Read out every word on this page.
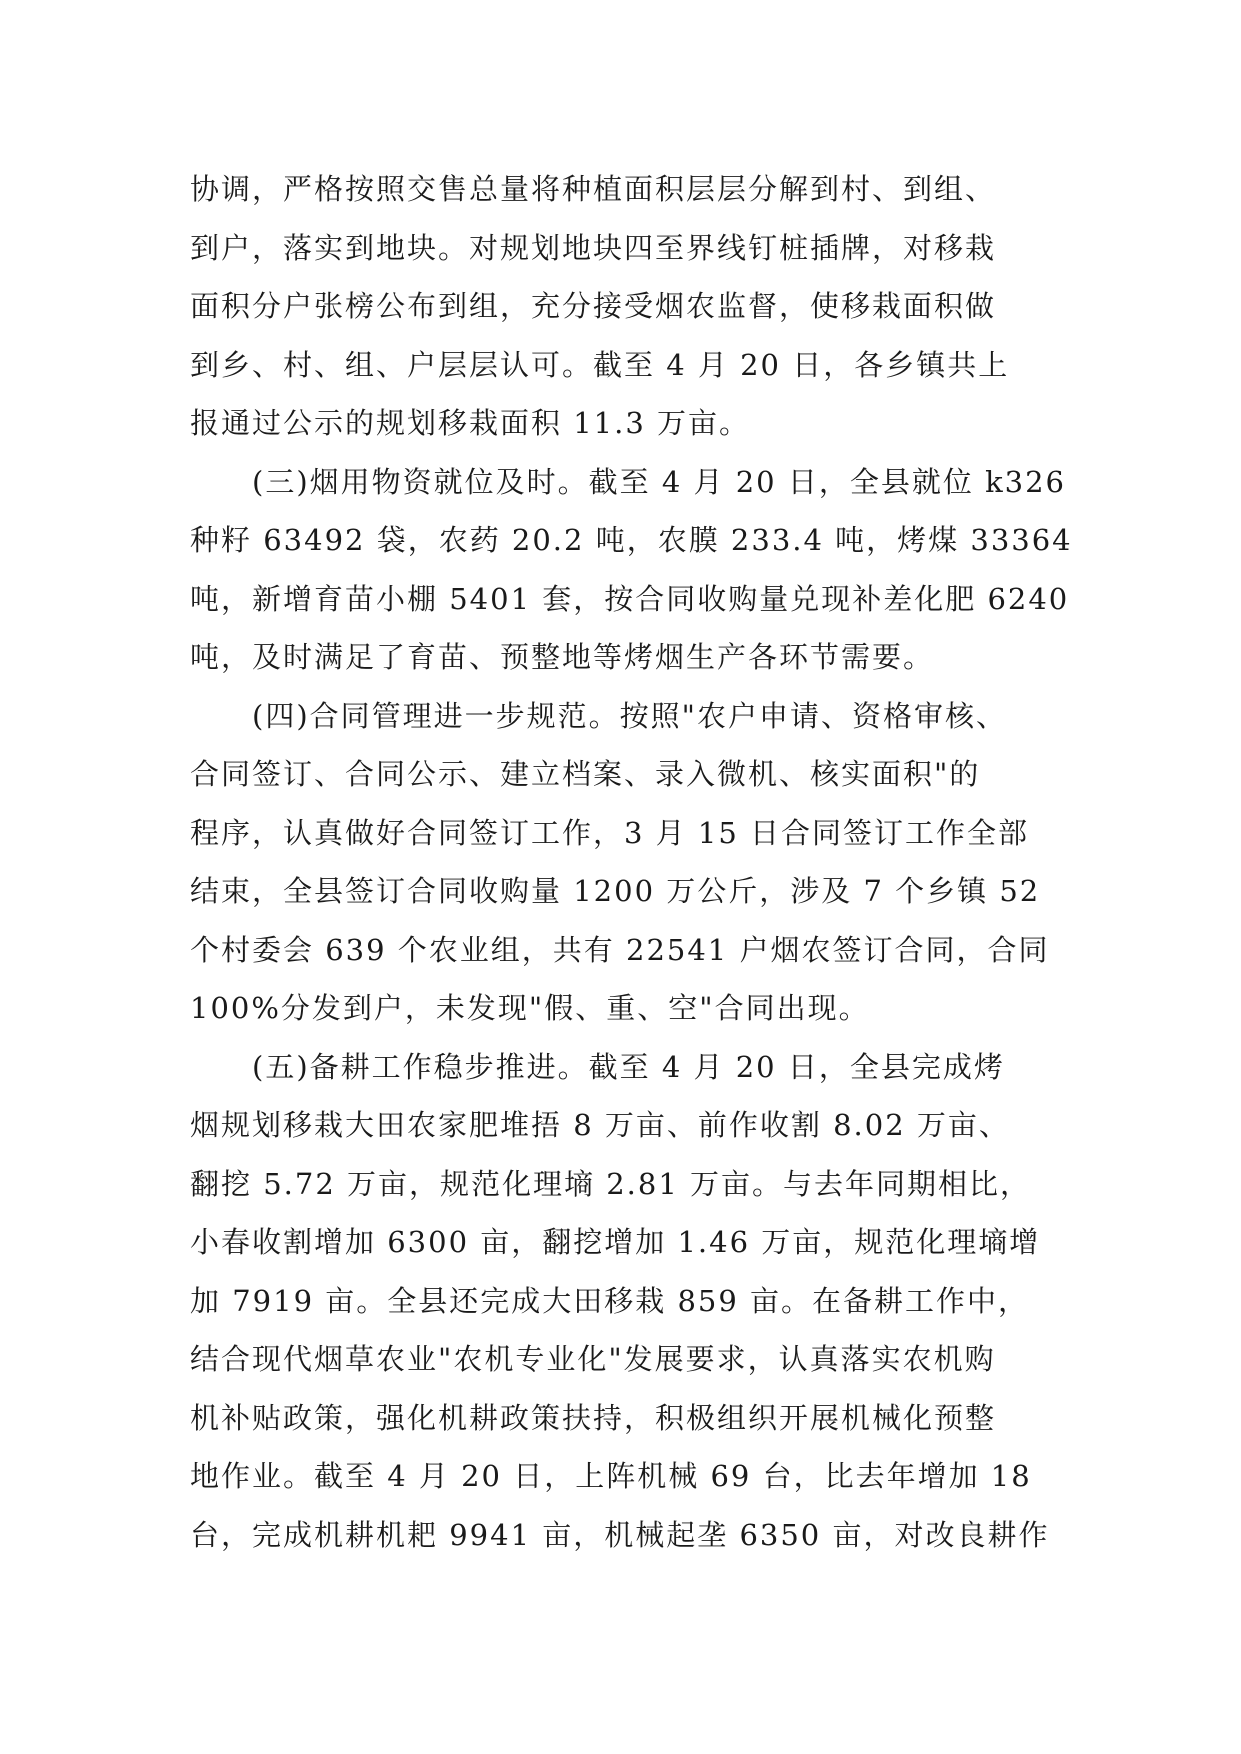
协调，严格按照交售总量将种植面积层层分解到村、到组、
到户，落实到地块。对规划地块四至界线钉桩插牌，对移栽
面积分户张榜公布到组，充分接受烟农监督，使移栽面积做
到乡、村、组、户层层认可。截至 4 月 20 日，各乡镇共上
报通过公示的规划移栽面积 11.3 万亩。
(三)烟用物资就位及时。截至 4 月 20 日，全县就位 k326
种籽 63492 袋，农药 20.2 吨，农膜 233.4 吨，烤煤 33364
吨，新增育苗小棚 5401 套，按合同收购量兑现补差化肥 6240
吨，及时满足了育苗、预整地等烤烟生产各环节需要。
(四)合同管理进一步规范。按照"农户申请、资格审核、
合同签订、合同公示、建立档案、录入微机、核实面积"的
程序，认真做好合同签订工作，3 月 15 日合同签订工作全部
结束，全县签订合同收购量 1200 万公斤，涉及 7 个乡镇 52
个村委会 639 个农业组，共有 22541 户烟农签订合同，合同
100%分发到户，未发现"假、重、空"合同出现。
(五)备耕工作稳步推进。截至 4 月 20 日，全县完成烤
烟规划移栽大田农家肥堆捂 8 万亩、前作收割 8.02 万亩、
翻挖 5.72 万亩，规范化理墒 2.81 万亩。与去年同期相比，
小春收割增加 6300 亩，翻挖增加 1.46 万亩，规范化理墒增
加 7919 亩。全县还完成大田移栽 859 亩。在备耕工作中，
结合现代烟草农业"农机专业化"发展要求，认真落实农机购
机补贴政策，强化机耕政策扶持，积极组织开展机械化预整
地作业。截至 4 月 20 日，上阵机械 69 台，比去年增加 18
台，完成机耕机耙 9941 亩，机械起垄 6350 亩，对改良耕作
